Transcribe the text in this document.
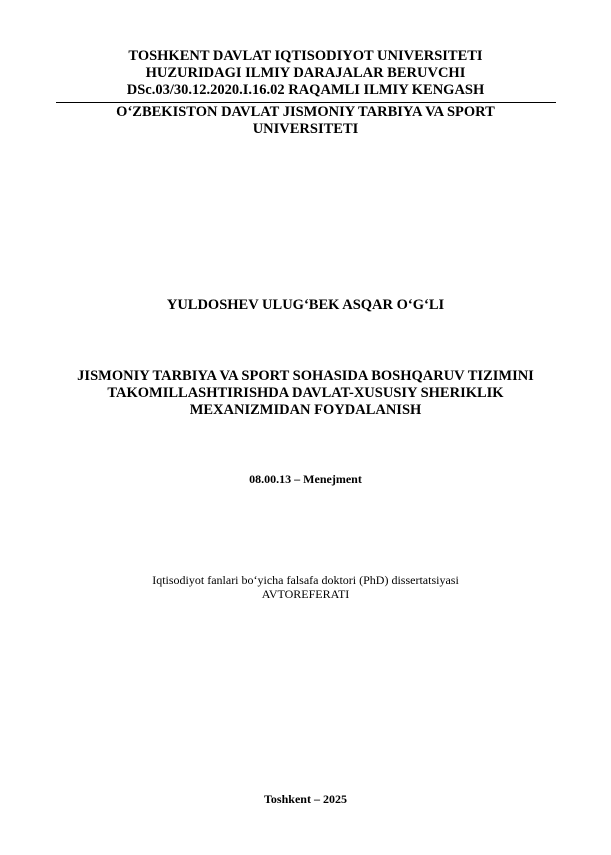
TOSHKENT DAVLAT IQTISODIYOT UNIVERSITETI
HUZURIDAGI ILMIY DARAJALAR BERUVCHI
DSc.03/30.12.2020.I.16.02 RAQAMLI ILMIY KENGASH
O‘ZBEKISTON DAVLAT JISMONIY TARBIYA VA SPORT
UNIVERSITETI
YULDOSHEV ULUG‘BEK ASQAR O‘G‘LI
JISMONIY TARBIYA VA SPORT SOHASIDA BOSHQARUV TIZIMINI
TAKOMILLASHTIRISHDA DAVLAT-XUSUSIY SHERIKLIK
MEXANIZMIDAN FOYDALANISH
08.00.13 – Menejment
Iqtisodiyot fanlari bo‘yicha falsafa doktori (PhD) dissertatsiyasi
AVTOREFERATI
Toshkent – 2025
